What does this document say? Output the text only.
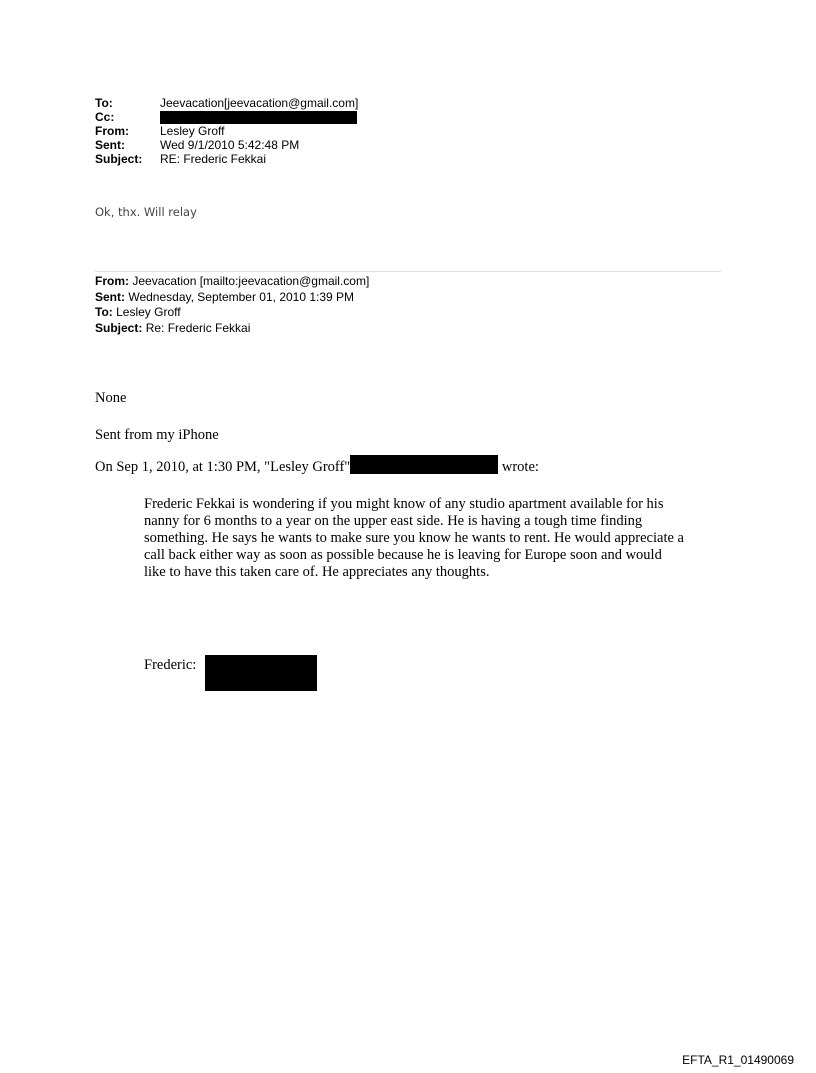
To:	Jeevacation[jeevacation@gmail.com]
Cc:
From:	Lesley Groff
Sent:	Wed 9/1/2010 5:42:48 PM
Subject:	RE: Frederic Fekkai
Ok, thx. Will relay
From: Jeevacation [mailto:jeevacation@gmail.com]
Sent: Wednesday, September 01, 2010 1:39 PM
To: Lesley Groff
Subject: Re: Frederic Fekkai
None
Sent from my iPhone
On Sep 1, 2010, at 1:30 PM, "Lesley Groff"	wrote:
Frederic Fekkai is wondering if you might know of any studio apartment available for his nanny for 6 months to a year on the upper east side. He is having a tough time finding something. He says he wants to make sure you know he wants to rent. He would appreciate a call back either way as soon as possible because he is leaving for Europe soon and would like to have this taken care of. He appreciates any thoughts.
Frederic:
EFTA_R1_01490069
